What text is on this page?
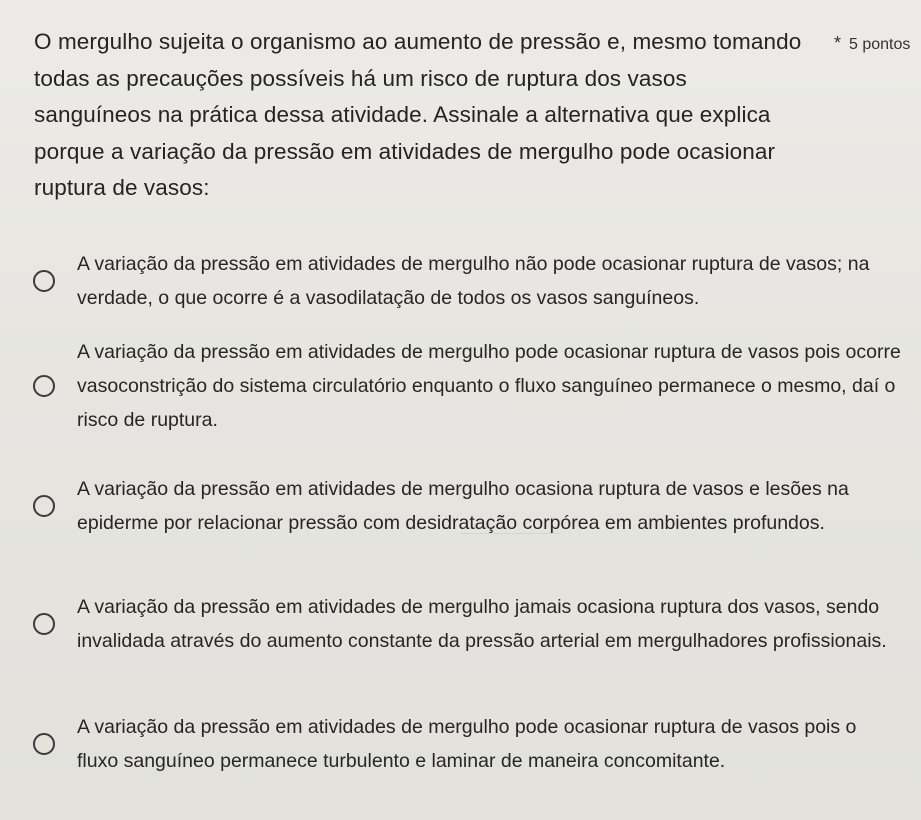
O mergulho sujeita o organismo ao aumento de pressão e, mesmo tomando todas as precauções possíveis há um risco de ruptura dos vasos sanguíneos na prática dessa atividade. Assinale a alternativa que explica porque a variação da pressão em atividades de mergulho pode ocasionar ruptura de vasos:
* 5 pontos
A variação da pressão em atividades de mergulho não pode ocasionar ruptura de vasos; na verdade, o que ocorre é a vasodilatação de todos os vasos sanguíneos.
A variação da pressão em atividades de mergulho pode ocasionar ruptura de vasos pois ocorre vasoconstrição do sistema circulatório enquanto o fluxo sanguíneo permanece o mesmo, daí o risco de ruptura.
A variação da pressão em atividades de mergulho ocasiona ruptura de vasos e lesões na epiderme por relacionar pressão com desidratação corpórea em ambientes profundos.
A variação da pressão em atividades de mergulho jamais ocasiona ruptura dos vasos, sendo invalidada através do aumento constante da pressão arterial em mergulhadores profissionais.
A variação da pressão em atividades de mergulho pode ocasionar ruptura de vasos pois o fluxo sanguíneo permanece turbulento e laminar de maneira concomitante.
